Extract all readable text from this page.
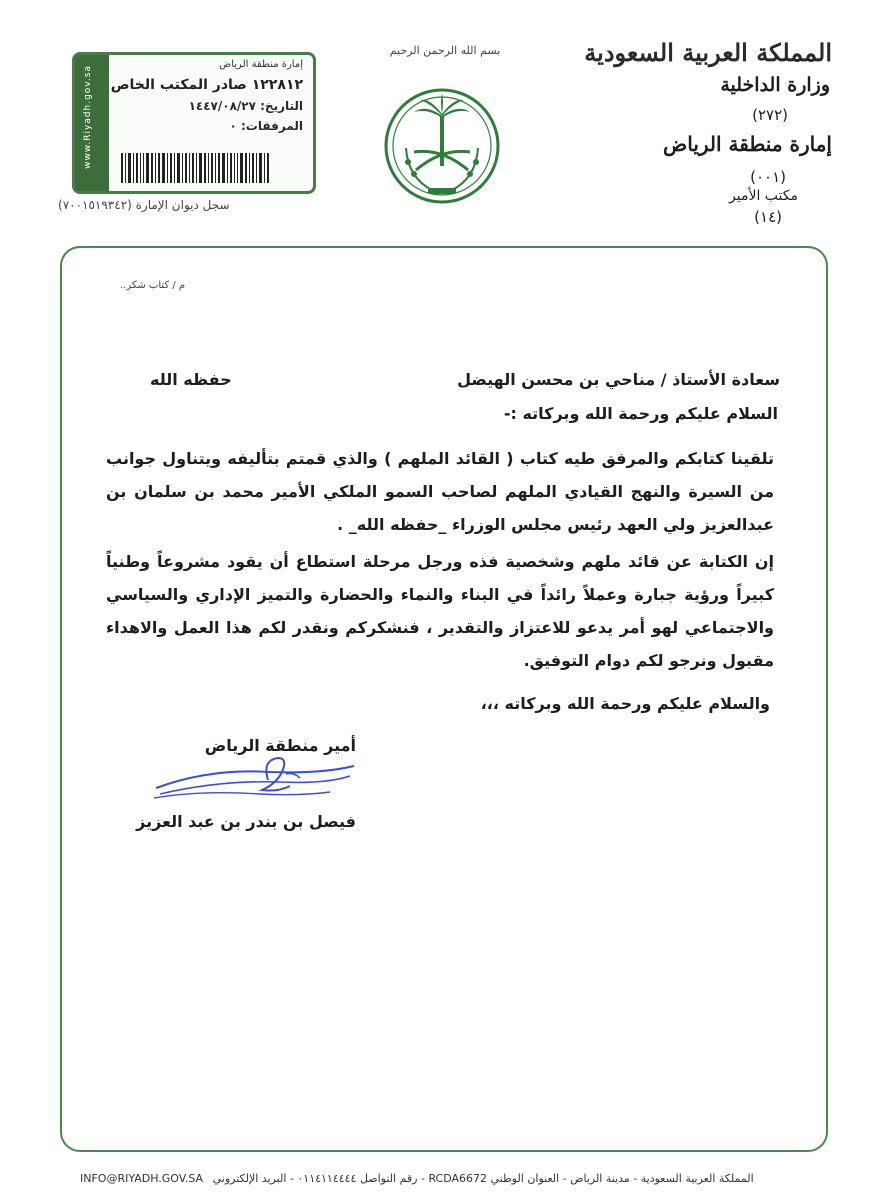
المملكة العربية السعودية
وزارة الداخلية
(٢٧٢)
إمارة منطقة الرياض
(٠٠١)
مكتب الأمير
(١٤)
بسم الله الرحمن الرحيم
www.Riyadh.gov.sa
إمارة منطقة الرياض
١٢٢٨١٢ صادر المكتب الخاص
التاريخ: ١٤٤٧/٠٨/٢٧
المرفقات: ٠
سجل ديوان الإمارة (٧٠٠١٥١٩٣٤٢)
م / كتاب شكر..
سعادة الأستاذ / مناحي بن محسن الهيضل
حفظه الله
السلام عليكم ورحمة الله وبركاته :-
تلقينا كتابكم والمرفق طيه كتاب ( القائد الملهم ) والذي قمتم بتأليفه ويتناول جوانب من السيرة والنهج القيادي الملهم لصاحب السمو الملكي الأمير محمد بن سلمان بن عبدالعزيز ولي العهد رئيس مجلس الوزراء _حفظه الله_ .
إن الكتابة عن قائد ملهم وشخصية فذه ورجل مرحلة استطاع أن يقود مشروعاً وطنياً كبيراً ورؤية جبارة وعملاً رائداً في البناء والنماء والحضارة والتميز الإداري والسياسي والاجتماعي لهو أمر يدعو للاعتزاز والتقدير ، فنشكركم ونقدر لكم هذا العمل والاهداء مقبول ونرجو لكم دوام التوفيق.
والسلام عليكم ورحمة الله وبركاته ،،،
أمير منطقة الرياض
فيصل بن بندر بن عبد العزيز
INFO@RIYADH.GOV.SA المملكة العربية السعودية - مدينة الرياض - العنوان الوطني RCDA6672 - رقم التواصل ٠١١٤١١٤٤٤٤ - البريد الإلكتروني
